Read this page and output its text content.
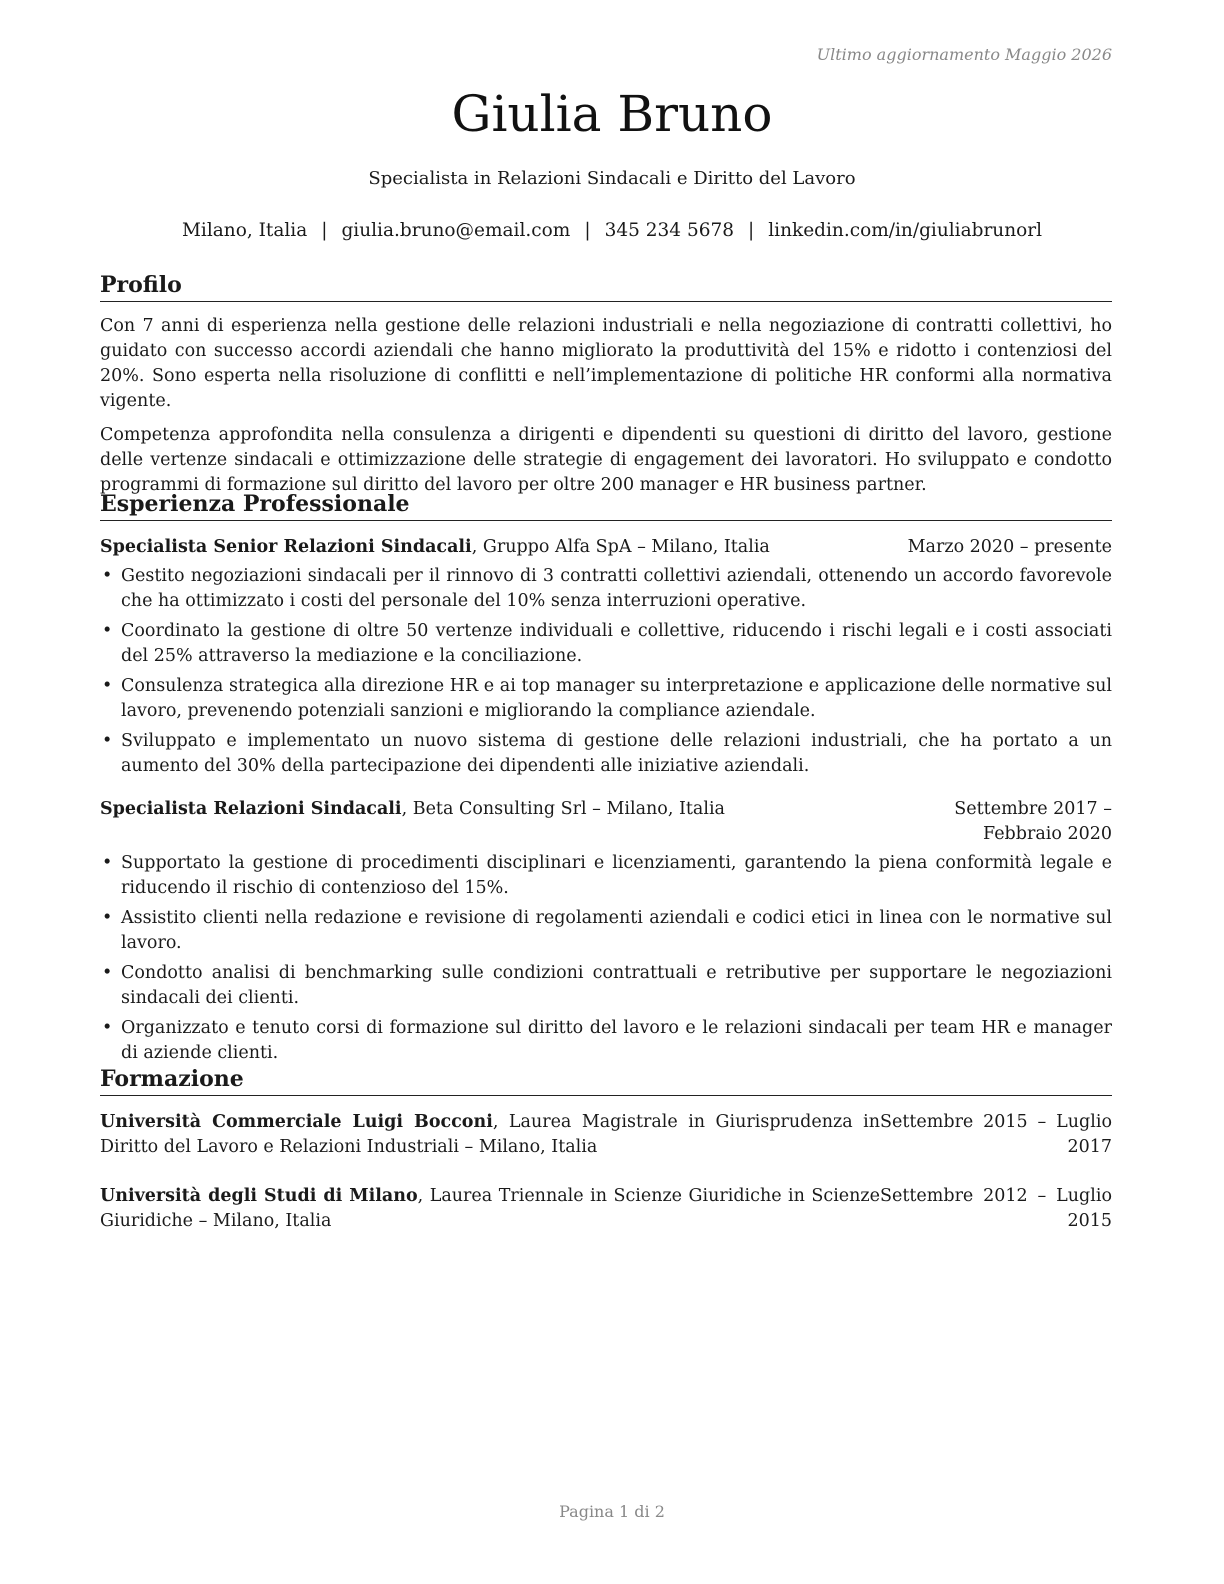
Ultimo aggiornamento Maggio 2026
Giulia Bruno
Specialista in Relazioni Sindacali e Diritto del Lavoro
Milano, Italia | giulia.bruno@email.com | 345 234 5678 | linkedin.com/in/giuliabrunorl
Profilo

Con 7 anni di esperienza nella gestione delle relazioni industriali e nella negoziazione di contratti collettivi, ho guidato con successo accordi aziendali che hanno migliorato la produttività del 15% e ridotto i contenziosi del 20%. Sono esperta nella risoluzione di conflitti e nell’implementazione di politiche HR conformi alla normativa vigente.

Competenza approfondita nella consulenza a dirigenti e dipendenti su questioni di diritto del lavoro, gestione delle vertenze sindacali e ottimizzazione delle strategie di engagement dei lavoratori. Ho sviluppato e condotto programmi di formazione sul diritto del lavoro per oltre 200 manager e HR business partner.

Esperienza Professionale
Specialista Senior Relazioni Sindacali, Gruppo Alfa SpA – Milano, Italia	Marzo 2020 – presente
• Gestito negoziazioni sindacali per il rinnovo di 3 contratti collettivi aziendali, ottenendo un accordo favorevole che ha ottimizzato i costi del personale del 10% senza interruzioni operative.
• Coordinato la gestione di oltre 50 vertenze individuali e collettive, riducendo i rischi legali e i costi associati del 25% attraverso la mediazione e la conciliazione.
• Consulenza strategica alla direzione HR e ai top manager su interpretazione e applicazione delle normative sul lavoro, prevenendo potenziali sanzioni e migliorando la compliance aziendale.
• Sviluppato e implementato un nuovo sistema di gestione delle relazioni industriali, che ha portato a un aumento del 30% della partecipazione dei dipendenti alle iniziative aziendali.
Specialista Relazioni Sindacali, Beta Consulting Srl – Milano, Italia	Settembre 2017 – Febbraio 2020
• Supportato la gestione di procedimenti disciplinari e licenziamenti, garantendo la piena conformità legale e riducendo il rischio di contenzioso del 15%.
• Assistito clienti nella redazione e revisione di regolamenti aziendali e codici etici in linea con le normative sul lavoro.
• Condotto analisi di benchmarking sulle condizioni contrattuali e retributive per supportare le negoziazioni sindacali dei clienti.
• Organizzato e tenuto corsi di formazione sul diritto del lavoro e le relazioni sindacali per team HR e manager di aziende clienti.
Formazione
Università Commerciale Luigi Bocconi, Laurea Magistrale in Giurisprudenza in Diritto del Lavoro e Relazioni Industriali – Milano, Italia
Settembre 2015 – Luglio 2017
Università degli Studi di Milano, Laurea Triennale in Scienze Giuridiche in Scienze Giuridiche – Milano, Italia
Settembre 2012 – Luglio 2015
Pagina 1 di 2
